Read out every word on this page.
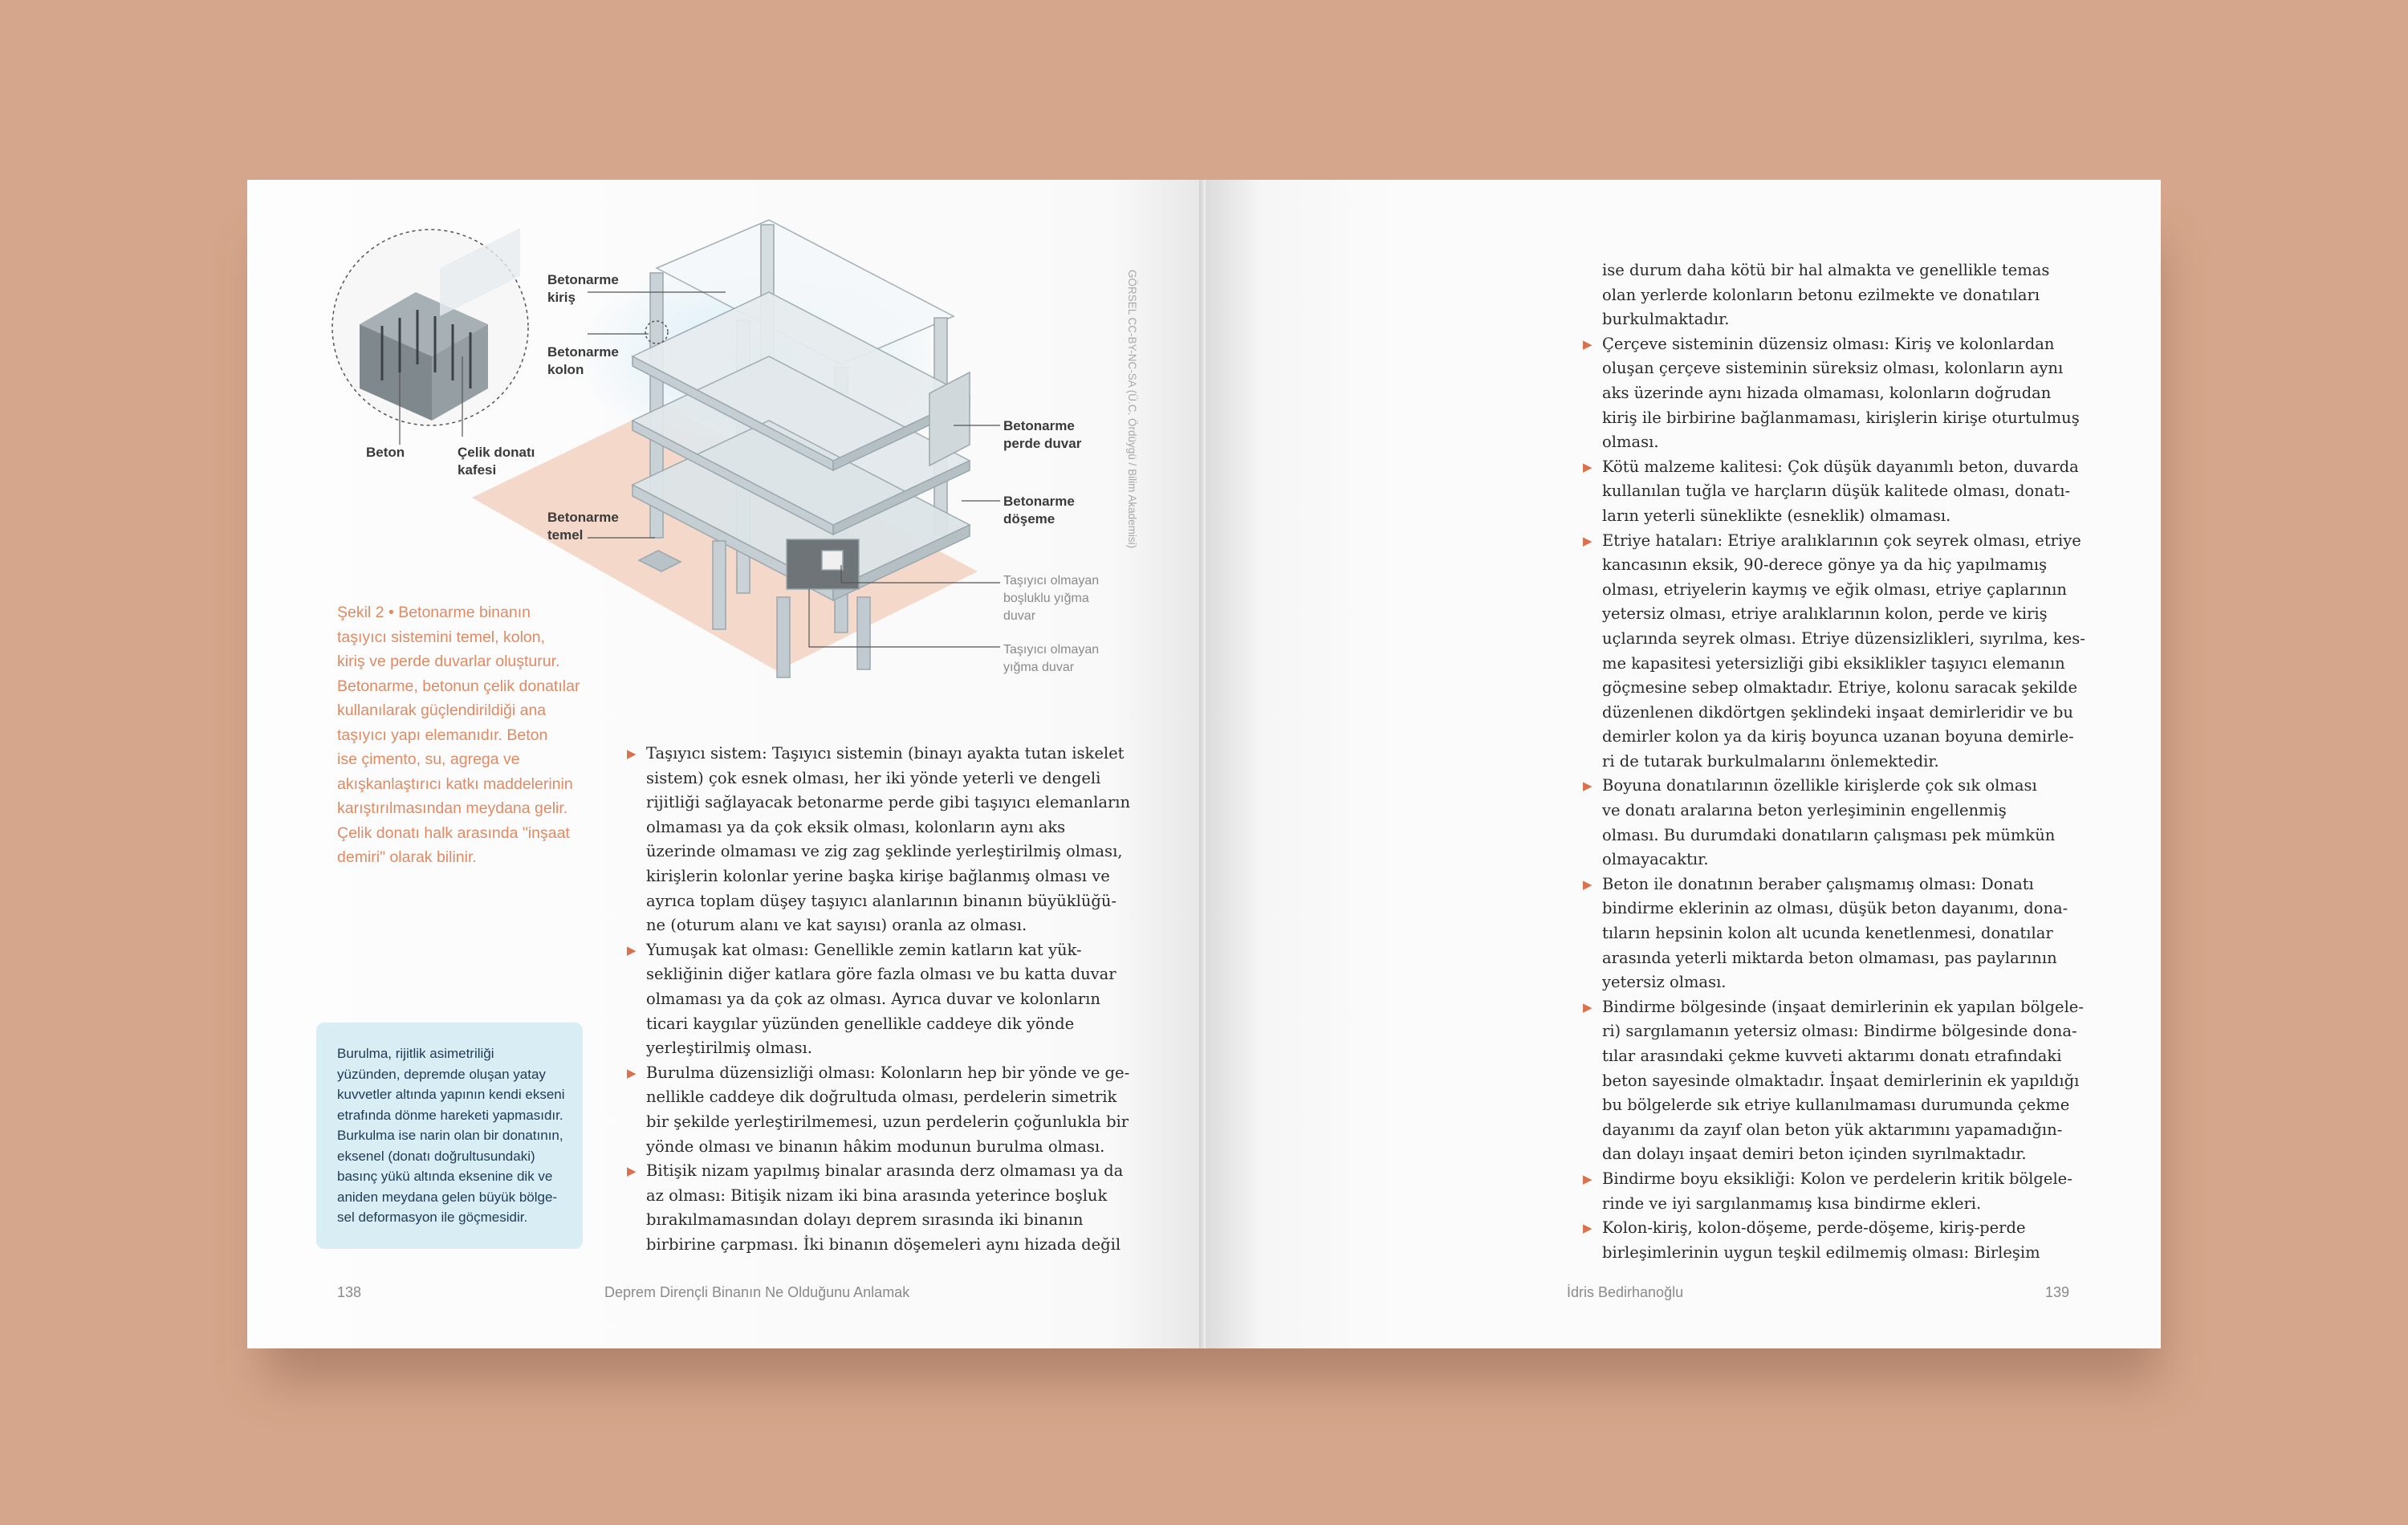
Betonarme kiriş
Betonarme kolon
Beton	Çelik donatı kafesi
Betonarme perde duvar
Betonarme döşeme
Betonarme temel
Taşıyıcı olmayan boşluklu yığma duvar
Taşıyıcı olmayan yığma duvar
GÖRSEL CC-BY-NC-SA (Ü.C. Ördüygü / Bilim Akademisi)
Şekil 2 • Betonarme binanın
taşıyıcı sistemini temel, kolon,
kiriş ve perde duvarlar oluşturur.
Betonarme, betonun çelik donatılar
kullanılarak güçlendirildiği ana
taşıyıcı yapı elemanıdır. Beton
ise çimento, su, agrega ve
akışkanlaştırıcı katkı maddelerinin
karıştırılmasından meydana gelir.
Çelik donatı halk arasında "inşaat
demiri" olarak bilinir.
Burulma, rijitlik asimetriliği
yüzünden, depremde oluşan yatay
kuvvetler altında yapının kendi ekseni
etrafında dönme hareketi yapmasıdır.
Burkulma ise narin olan bir donatının,
eksenel (donatı doğrultusundaki)
basınç yükü altında eksenine dik ve
aniden meydana gelen büyük bölge-
sel deformasyon ile göçmesidir.
▶ Taşıyıcı sistem: Taşıyıcı sistemin (binayı ayakta tutan iskelet
sistem) çok esnek olması, her iki yönde yeterli ve dengeli
rijitliği sağlayacak betonarme perde gibi taşıyıcı elemanların
olmaması ya da çok eksik olması, kolonların aynı aks
üzerinde olmaması ve zig zag şeklinde yerleştirilmiş olması,
kirişlerin kolonlar yerine başka kirişe bağlanmış olması ve
ayrıca toplam düşey taşıyıcı alanlarının binanın büyüklüğü-
ne (oturum alanı ve kat sayısı) oranla az olması.
▶ Yumuşak kat olması: Genellikle zemin katların kat yük-
sekliğinin diğer katlara göre fazla olması ve bu katta duvar
olmaması ya da çok az olması. Ayrıca duvar ve kolonların
ticari kaygılar yüzünden genellikle caddeye dik yönde
yerleştirilmiş olması.
▶ Burulma düzensizliği olması: Kolonların hep bir yönde ve ge-
nellikle caddeye dik doğrultuda olması, perdelerin simetrik
bir şekilde yerleştirilmemesi, uzun perdelerin çoğunlukla bir
yönde olması ve binanın hâkim modunun burulma olması.
▶ Bitişik nizam yapılmış binalar arasında derz olmaması ya da
az olması: Bitişik nizam iki bina arasında yeterince boşluk
bırakılmamasından dolayı deprem sırasında iki binanın
birbirine çarpması. İki binanın döşemeleri aynı hizada değil
138	Deprem Dirençli Binanın Ne Olduğunu Anlamak
ise durum daha kötü bir hal almakta ve genellikle temas
olan yerlerde kolonların betonu ezilmekte ve donatıları
burkulmaktadır.
▶ Çerçeve sisteminin düzensiz olması: Kiriş ve kolonlardan
oluşan çerçeve sisteminin süreksiz olması, kolonların aynı
aks üzerinde aynı hizada olmaması, kolonların doğrudan
kiriş ile birbirine bağlanmaması, kirişlerin kirişe oturtulmuş
olması.
▶ Kötü malzeme kalitesi: Çok düşük dayanımlı beton, duvarda
kullanılan tuğla ve harçların düşük kalitede olması, donatı-
ların yeterli süneklikte (esneklik) olmaması.
▶ Etriye hataları: Etriye aralıklarının çok seyrek olması, etriye
kancasının eksik, 90-derece gönye ya da hiç yapılmamış
olması, etriyelerin kaymış ve eğik olması, etriye çaplarının
yetersiz olması, etriye aralıklarının kolon, perde ve kiriş
uçlarında seyrek olması. Etriye düzensizlikleri, sıyrılma, kes-
me kapasitesi yetersizliği gibi eksiklikler taşıyıcı elemanın
göçmesine sebep olmaktadır. Etriye, kolonu saracak şekilde
düzenlenen dikdörtgen şeklindeki inşaat demirleridir ve bu
demirler kolon ya da kiriş boyunca uzanan boyuna demirle-
ri de tutarak burkulmalarını önlemektedir.
▶ Boyuna donatılarının özellikle kirişlerde çok sık olması
ve donatı aralarına beton yerleşiminin engellenmiş
olması. Bu durumdaki donatıların çalışması pek mümkün
olmayacaktır.
▶ Beton ile donatının beraber çalışmamış olması: Donatı
bindirme eklerinin az olması, düşük beton dayanımı, dona-
tıların hepsinin kolon alt ucunda kenetlenmesi, donatılar
arasında yeterli miktarda beton olmaması, pas paylarının
yetersiz olması.
▶ Bindirme bölgesinde (inşaat demirlerinin ek yapılan bölgele-
ri) sargılamanın yetersiz olması: Bindirme bölgesinde dona-
tılar arasındaki çekme kuvveti aktarımı donatı etrafındaki
beton sayesinde olmaktadır. İnşaat demirlerinin ek yapıldığı
bu bölgelerde sık etriye kullanılmaması durumunda çekme
dayanımı da zayıf olan beton yük aktarımını yapamadığın-
dan dolayı inşaat demiri beton içinden sıyrılmaktadır.
▶ Bindirme boyu eksikliği: Kolon ve perdelerin kritik bölgele-
rinde ve iyi sargılanmamış kısa bindirme ekleri.
▶ Kolon-kiriş, kolon-döşeme, perde-döşeme, kiriş-perde
birleşimlerinin uygun teşkil edilmemiş olması: Birleşim
İdris Bedirhanoğlu	139
